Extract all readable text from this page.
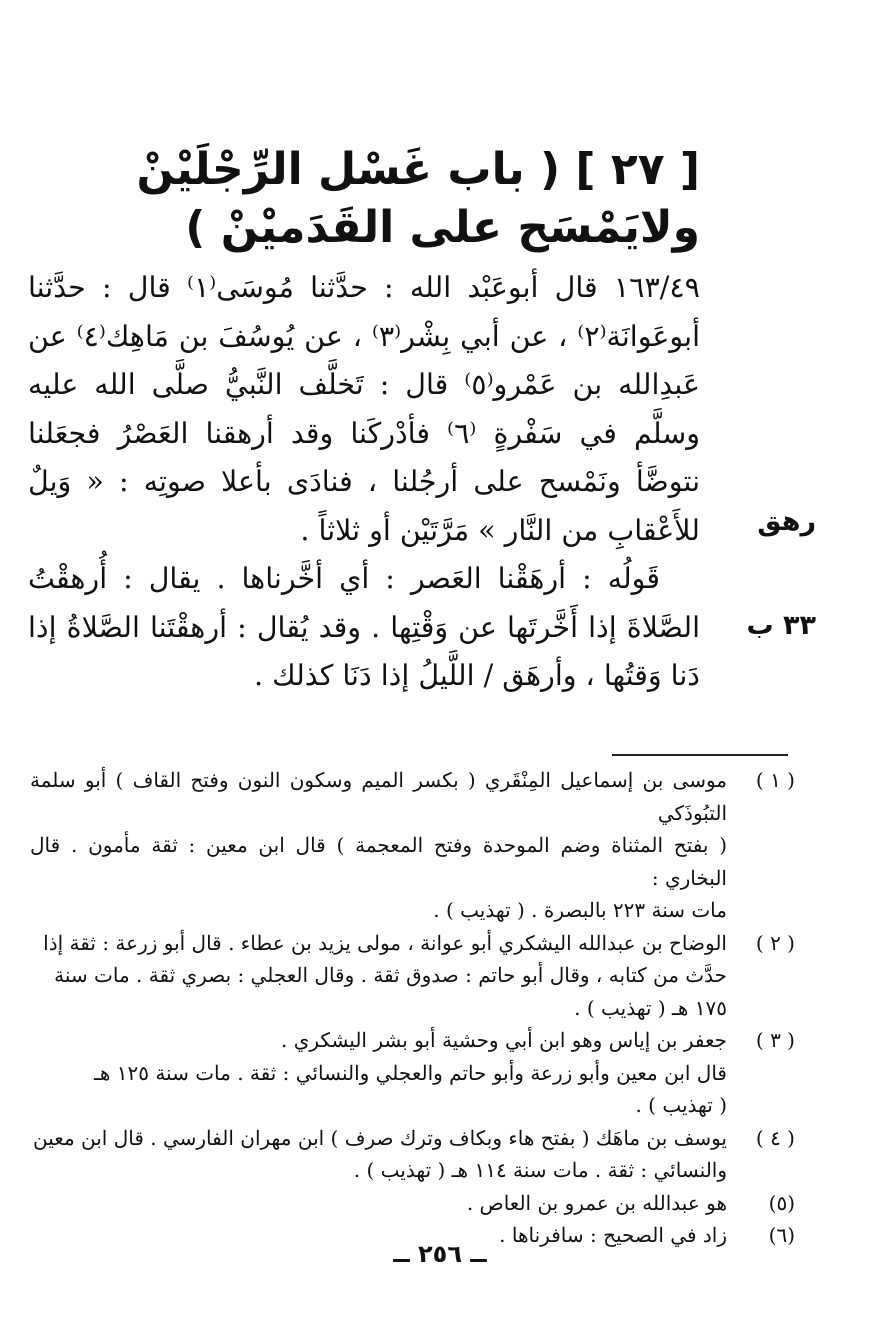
[ ٢٧ ] ( باب غَسْل الرِّجْلَيْنْ ولايَمْسَح على القَدَميْنْ )

١٦٣/٤٩ قال أبوعَبْد الله : حدَّثنا مُوسَى⁽١⁾ قال : حدَّثنا أبوعَوانَة⁽٢⁾ ، عن أبي بِشْر⁽٣⁾ ، عن يُوسُفَ بن مَاهِك⁽٤⁾ عن عَبدِالله بن عَمْرو⁽٥⁾ قال : تَخلَّف النَّبيُّ صلَّى الله عليه وسلَّم في سَفْرةٍ ⁽٦⁾ فأدْركَنا وقد أرهقنا العَصْرُ فجعَلنا نتوضَّأ ونَمْسح على أرجُلنا ، فنادَى بأعلا صوتِه : « وَيلٌ للأَعْقابِ من النَّار » مَرَّتَيْن أو ثلاثاً .

قَولُه : أرهَقْنا العَصر : أي أخَّرناها . يقال : أُرهقْتُ الصَّلاةَ إذا أَخَّرتَها عن وَقْتِها . وقد يُقال : أرهقْتَنا الصَّلاةُ إذا دَنا وَقتُها ، وأرهَق / اللَّيلُ إذا دَنَا كذلك .

رهق
٣٣ ب
( ١ )
موسى بن إسماعيل المِنْقَري ( بكسر الميم وسكون النون وفتح القاف ) أبو سلمة التبُوذَكي
( بفتح المثناة وضم الموحدة وفتح المعجمة ) قال ابن معين : ثقة مأمون . قال البخاري :
مات سنة ٢٢٣ بالبصرة . ( تهذيب ) .
( ٢ )
الوضاح بن عبدالله اليشكري أبو عوانة ، مولى يزيد بن عطاء . قال أبو زرعة : ثقة إذا
حدَّث من كتابه ، وقال أبو حاتم : صدوق ثقة . وقال العجلي : بصري ثقة . مات سنة
١٧٥ هـ ( تهذيب ) .
( ٣ )
جعفر بن إياس وهو ابن أبي وحشية أبو بشر اليشكري .
قال ابن معين وأبو زرعة وأبو حاتم والعجلي والنسائي : ثقة . مات سنة ١٢٥ هـ
( تهذيب ) .
( ٤ )
يوسف بن ماهَك ( بفتح هاء وبكاف وترك صرف ) ابن مهران الفارسي . قال ابن معين
والنسائي : ثقة . مات سنة ١١٤ هـ ( تهذيب ) .
(٥)
هو عبدالله بن عمرو بن العاص .
(٦)
زاد في الصحيح : سافرناها .
ــ ٢٥٦ ــ
